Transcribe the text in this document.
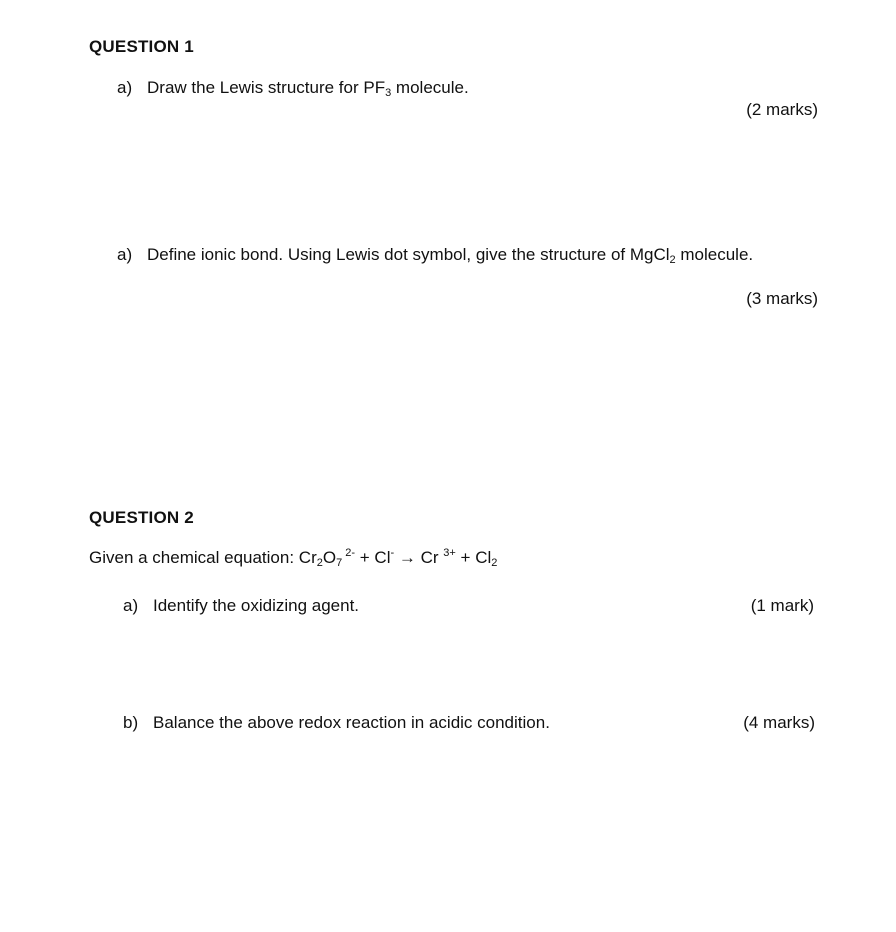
QUESTION 1
a) Draw the Lewis structure for $PF_3$ molecule.
(2 marks)
a) Define ionic bond. Using Lewis dot symbol, give the structure of MgCl$_2$ molecule.
(3 marks)
QUESTION 2
Given a chemical equation: $Cr_2O_7$ $^{2-}$ + Cl- → Cr $^{3+} + Cl_2$
a) Identify the oxidizing agent.	(1 mark)
b) Balance the above redox reaction in acidic condition.	(4 marks)
